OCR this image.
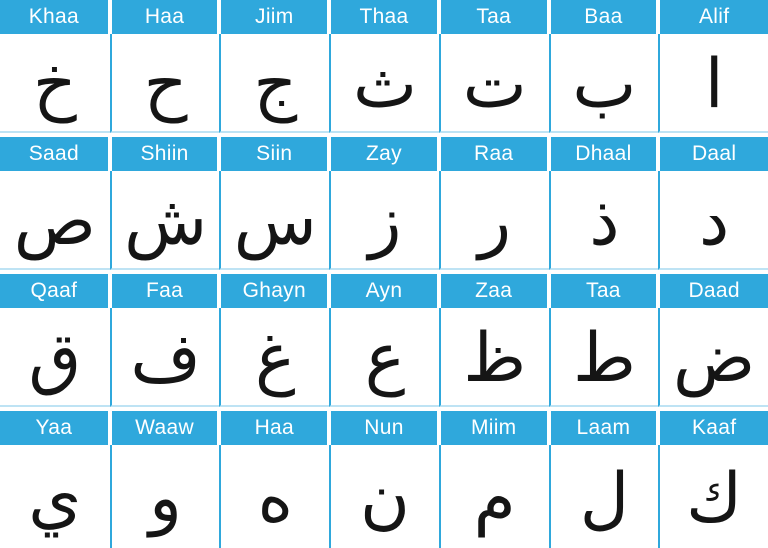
Khaa
خ
Haa
ح
Jiim
ج
Thaa
ث
Taa
ت
Baa
ب
Alif
ا
Saad
ص
Shiin
ش
Siin
س
Zay
ز
Raa
ر
Dhaal
ذ
Daal
د
Qaaf
ق
Faa
ف
Ghayn
غ
Ayn
ع
Zaa
ظ
Taa
ط
Daad
ض
Yaa
ي
Waaw
و
Haa
ه
Nun
ن
Miim
م
Laam
ل
Kaaf
ك
